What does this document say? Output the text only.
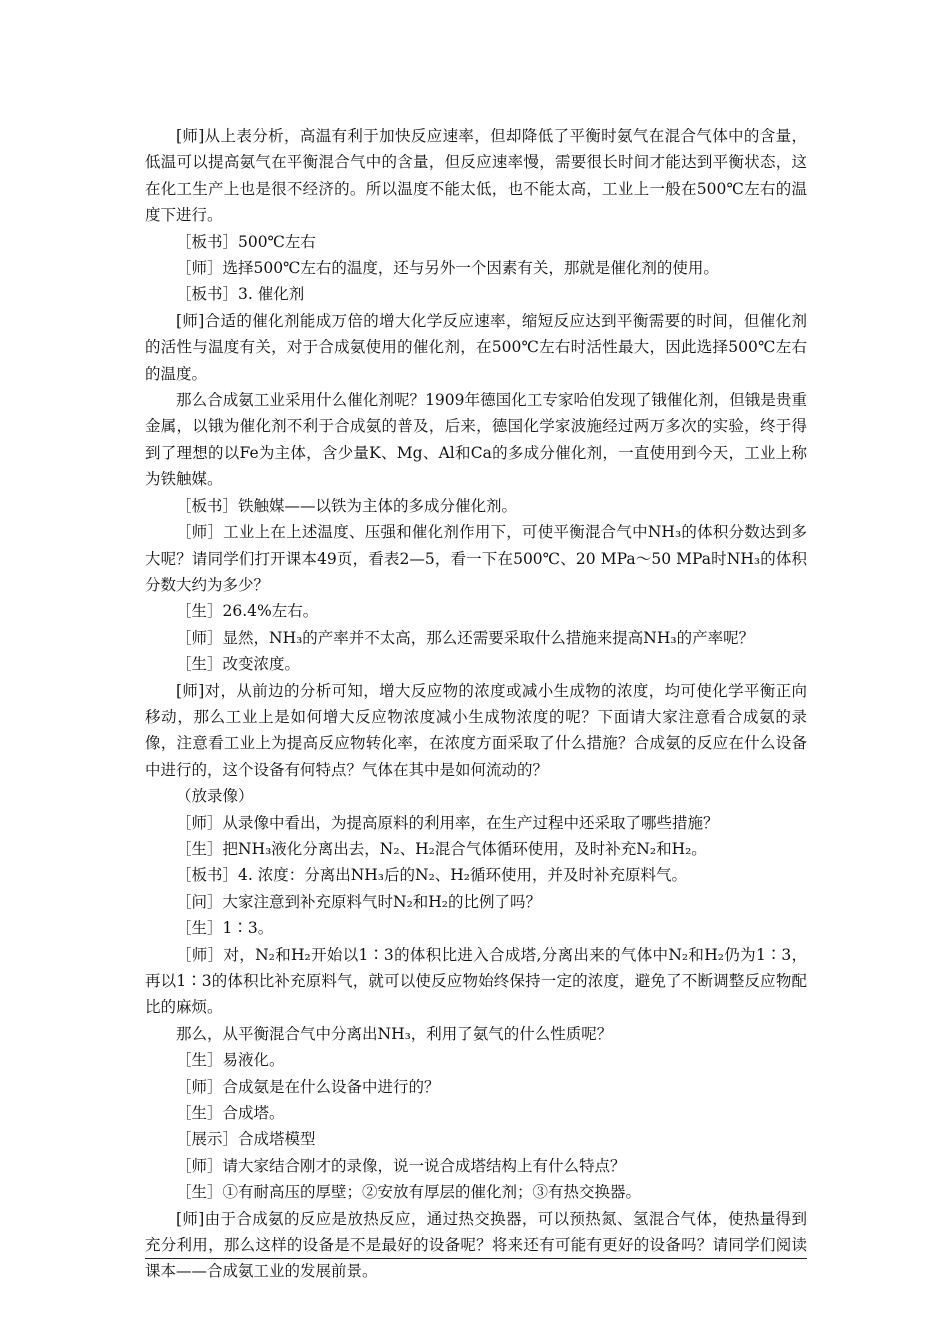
[师]从上表分析，高温有利于加快反应速率，但却降低了平衡时氨气在混合气体中的含量，低温可以提高氨气在平衡混合气中的含量，但反应速率慢，需要很长时间才能达到平衡状态，这在化工生产上也是很不经济的。所以温度不能太低，也不能太高，工业上一般在500℃左右的温度下进行。

［板书］500℃左右

［师］选择500℃左右的温度，还与另外一个因素有关，那就是催化剂的使用。

［板书］3. 催化剂

[师]合适的催化剂能成万倍的增大化学反应速率，缩短反应达到平衡需要的时间，但催化剂的活性与温度有关，对于合成氨使用的催化剂，在500℃左右时活性最大，因此选择500℃左右的温度。

那么合成氨工业采用什么催化剂呢？1909年德国化工专家哈伯发现了锇催化剂，但锇是贵重金属，以锇为催化剂不利于合成氨的普及，后来，德国化学家波施经过两万多次的实验，终于得到了理想的以Fe为主体，含少量K、Mg、Al和Ca的多成分催化剂，一直使用到今天，工业上称为铁触媒。

［板书］铁触媒——以铁为主体的多成分催化剂。

［师］工业上在上述温度、压强和催化剂作用下，可使平衡混合气中NH₃的体积分数达到多大呢？请同学们打开课本49页，看表2—5，看一下在500℃、20 MPa～50 MPa时NH₃的体积分数大约为多少？

［生］26.4%左右。

［师］显然，NH₃的产率并不太高，那么还需要采取什么措施来提高NH₃的产率呢？

［生］改变浓度。

[师]对，从前边的分析可知，增大反应物的浓度或减小生成物的浓度，均可使化学平衡正向移动，那么工业上是如何增大反应物浓度减小生成物浓度的呢？下面请大家注意看合成氨的录像，注意看工业上为提高反应物转化率，在浓度方面采取了什么措施？合成氨的反应在什么设备中进行的，这个设备有何特点？气体在其中是如何流动的？

（放录像）

［师］从录像中看出，为提高原料的利用率，在生产过程中还采取了哪些措施？

［生］把NH₃液化分离出去，N₂、H₂混合气体循环使用，及时补充N₂和H₂。

［板书］4. 浓度：分离出NH₃后的N₂、H₂循环使用，并及时补充原料气。

［问］大家注意到补充原料气时N₂和H₂的比例了吗？

［生］1∶3。

［师］对，N₂和H₂开始以1∶3的体积比进入合成塔,分离出来的气体中N₂和H₂仍为1∶3，再以1∶3的体积比补充原料气，就可以使反应物始终保持一定的浓度，避免了不断调整反应物配比的麻烦。

那么，从平衡混合气中分离出NH₃，利用了氨气的什么性质呢？

［生］易液化。

［师］合成氨是在什么设备中进行的？

［生］合成塔。

［展示］合成塔模型

［师］请大家结合刚才的录像，说一说合成塔结构上有什么特点？

［生］①有耐高压的厚壁；②安放有厚层的催化剂；③有热交换器。

[师]由于合成氨的反应是放热反应，通过热交换器，可以预热氮、氢混合气体，使热量得到充分利用，那么这样的设备是不是最好的设备呢？将来还有可能有更好的设备吗？请同学们阅读课本——合成氨工业的发展前景。
